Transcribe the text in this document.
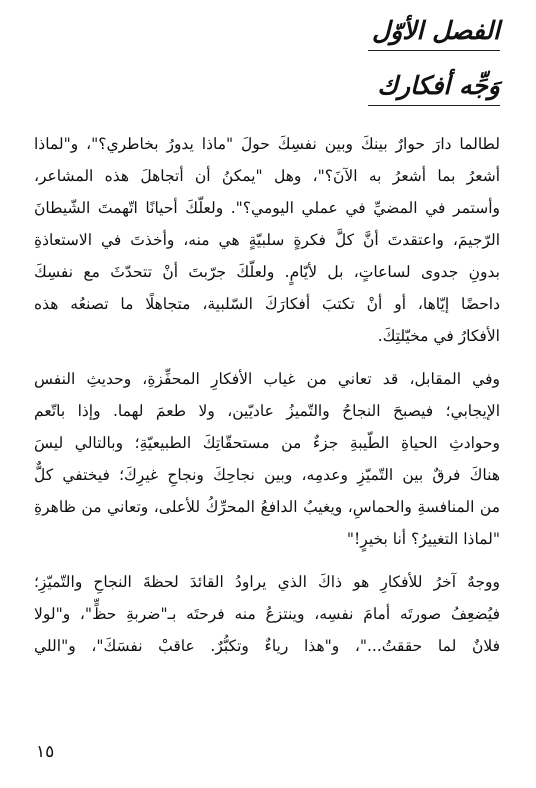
الفصل الأوّل
وَجِّه أفكارك
لطالما دارَ حوارٌ بينكَ وبين نفسِكَ حولَ "ماذا يدورُ بخاطري؟"، و"لماذا
أشعرُ بما أشعرُ به الآنَ؟"، وهل "يمكنُ أن أتجاهلَ هذه المشاعر،
وأستمر في المضيِّ في عملي اليومي؟". ولعلّكَ أحيانًا اتّهمتَ الشّيطانَ
الرّجيمَ، واعتقدتَ أنَّ كلَّ فكرةٍ سلبيّةٍ هي منه، وأخذتَ في الاستعاذةِ
بدونِ جدوى لساعاتٍ، بل لأيّامٍ. ولعلّكَ جرّبتَ أنْ تتحدّثَ مع نفسِكَ
داحضًا إيّاها، أو أنْ تكتبَ أفكارَكَ السّلبية، متجاهلًا ما تصنعُه هذه
الأفكارُ في مخيّلتِكَ.
وفي المقابل، قد تعاني من غياب الأفكارِ المحفِّزةِ، وحديثِ النفس
الإيجابي؛ فيصبحَ النجاحُ والتّميزُ عاديّين، ولا طعمَ لهما. وإذا باتّعم
وحوادثِ الحياةِ الطّيبةِ جزءٌ من مستحقّاتِكَ الطبيعيّةِ؛ وبالتالي ليسَ
هناكَ فرقٌ بين التّميّزِ وعدمِه، وبين نجاحِكَ ونجاحِ غيرِكَ؛ فيختفي كلٌّ
من المنافسةِ والحماسِ، ويغيبُ الدافعُ المحرِّكُ للأعلى، وتعاني من ظاهرةِ
"لماذا التغييرُ؟ أنا بخيرٍ!"
ووجهٌ آخرُ للأفكارِ هو ذاكَ الذي يراودُ القائدَ لحظةَ النجاحِ والتّميّزِ؛
فيُضعِفُ صورتَه أمامَ نفسِه، وينتزعُ منه فرحتَه بـ"ضربةِ حظٍّ"، و"لولا
فلانٌ لما حققتُ..."، و"هذا رياءٌ وتكبُّرٌ. عاقبْ نفسَكَ"، و"اللي
١٥
